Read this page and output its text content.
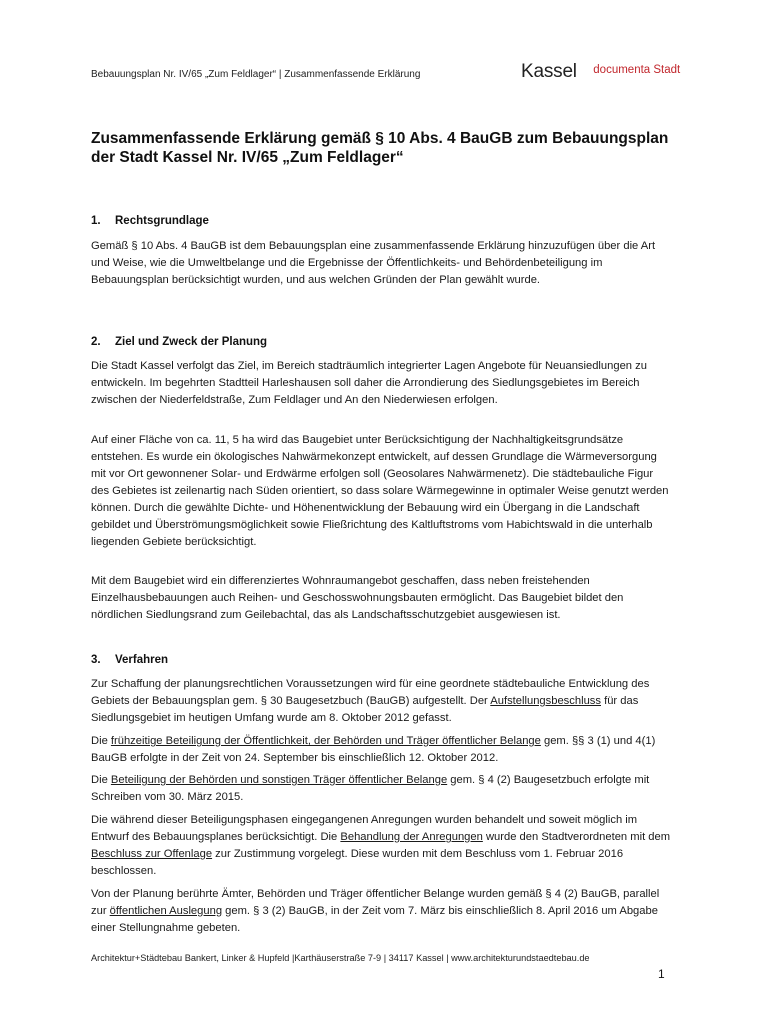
Bebauungsplan Nr. IV/65 „Zum Feldlager“ | Zusammenfassende Erklärung	Kassel $^{documenta Stadt}$
Zusammenfassende Erklärung gemäß § 10 Abs. 4 BauGB zum Bebauungsplan der Stadt Kassel Nr. IV/65 „Zum Feldlager“
1. Rechtsgrundlage

Gemäß § 10 Abs. 4 BauGB ist dem Bebauungsplan eine zusammenfassende Erklärung hinzuzufügen über die Art und Weise, wie die Umweltbelange und die Ergebnisse der Öffentlichkeits- und Behördenbeteiligung im Bebauungsplan berücksichtigt wurden, und aus welchen Gründen der Plan gewählt wurde.

2. Ziel und Zweck der Planung

Die Stadt Kassel verfolgt das Ziel, im Bereich stadträumlich integrierter Lagen Angebote für Neuansiedlungen zu entwickeln. Im begehrten Stadtteil Harleshausen soll daher die Arrondierung des Siedlungsgebietes im Bereich zwischen der Niederfeldstraße, Zum Feldlager und An den Niederwiesen erfolgen.

Auf einer Fläche von ca. 11, 5 ha wird das Baugebiet unter Berücksichtigung der Nachhaltigkeitsgrundsätze entstehen. Es wurde ein ökologisches Nahwärmekonzept entwickelt, auf dessen Grundlage die Wärmeversorgung mit vor Ort gewonnener Solar- und Erdwärme erfolgen soll (Geosolares Nahwärmenetz). Die städtebauliche Figur des Gebietes ist zeilenartig nach Süden orientiert, so dass solare Wärmegewinne in optimaler Weise genutzt werden können. Durch die gewählte Dichte- und Höhenentwicklung der Bebauung wird ein Übergang in die Landschaft gebildet und Überströmungsmöglichkeit sowie Fließrichtung des Kaltluftstroms vom Habichtswald in die unterhalb liegenden Gebiete berücksichtigt.

Mit dem Baugebiet wird ein differenziertes Wohnraumangebot geschaffen, dass neben freistehenden Einzelhausbebauungen auch Reihen- und Geschosswohnungsbauten ermöglicht. Das Baugebiet bildet den nördlichen Siedlungsrand zum Geilebachtal, das als Landschaftsschutzgebiet ausgewiesen ist.

3. Verfahren

Zur Schaffung der planungsrechtlichen Voraussetzungen wird für eine geordnete städtebauliche Entwicklung des Gebiets der Bebauungsplan gem. § 30 Baugesetzbuch (BauGB) aufgestellt. Der Aufstellungsbeschluss für das Siedlungsgebiet im heutigen Umfang wurde am 8. Oktober 2012 gefasst.

Die frühzeitige Beteiligung der Öffentlichkeit, der Behörden und Träger öffentlicher Belange gem. §§ 3 (1) und 4(1) BauGB erfolgte in der Zeit von 24. September bis einschließlich 12. Oktober 2012.

Die Beteiligung der Behörden und sonstigen Träger öffentlicher Belange gem. § 4 (2) Baugesetzbuch erfolgte mit Schreiben vom 30. März 2015.

Die während dieser Beteiligungsphasen eingegangenen Anregungen wurden behandelt und soweit möglich im Entwurf des Bebauungsplanes berücksichtigt. Die Behandlung der Anregungen wurde den Stadtverordneten mit dem Beschluss zur Offenlage zur Zustimmung vorgelegt. Diese wurden mit dem Beschluss vom 1. Februar 2016 beschlossen.

Von der Planung berührte Ämter, Behörden und Träger öffentlicher Belange wurden gemäß § 4 (2) BauGB, parallel zur öffentlichen Auslegung gem. § 3 (2) BauGB, in der Zeit vom 7. März bis einschließlich 8. April 2016 um Abgabe einer Stellungnahme gebeten.

Architektur+Städtebau Bankert, Linker & Hupfeld |Karthäuserstraße 7-9 | 34117 Kassel | www.architekturundstaedtebau.de
1
